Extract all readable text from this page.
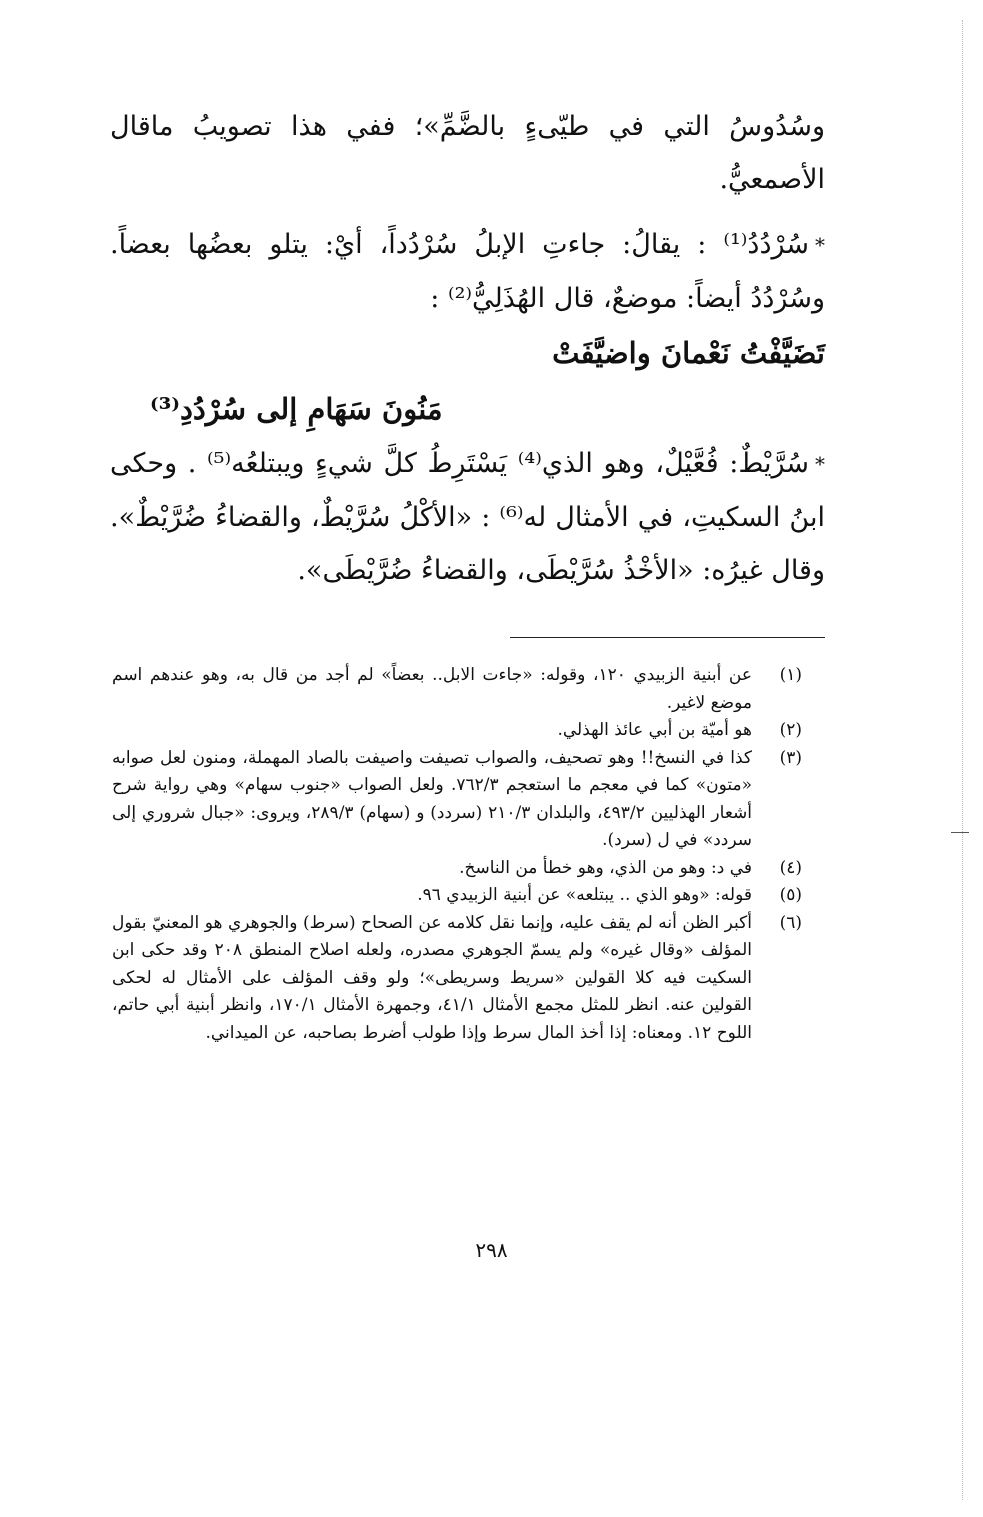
وسُدُوسُ التي في طيّىءٍ بالضَّمِّ»؛ ففي هذا تصويبُ ماقال الأصمعيُّ.

*سُرْدُدُ⁽¹⁾ : يقالُ: جاءتِ الإبلُ سُرْدُداً، أيْ: يتلو بعضُها بعضاً. وسُرْدُدُ أيضاً: موضعٌ، قال الهُذَلِيُّ⁽²⁾ :

تَضَيَّفْتُ نَعْمانَ واضيَّفَتْ

مَنُونَ سَهَامِ إلى سُرْدُدِ⁽³⁾

*سُرَّيْطٌ: فُعَّيْلٌ، وهو الذي⁽⁴⁾ يَسْتَرِطُ كلَّ شيءٍ ويبتلعُه⁽⁵⁾ . وحكى ابنُ السكيتِ، في الأمثال له⁽⁶⁾ : «الأكْلُ سُرَّيْطٌ، والقضاءُ ضُرَّيْطٌ». وقال غيرُه: «الأخْذُ سُرَّيْطَى، والقضاءُ ضُرَّيْطَى».

(١)
عن أبنية الزبيدي ١٢٠، وقوله: «جاءت الابل.. بعضاً» لم أجد من قال به، وهو عندهم اسم موضع لاغير.
(٢)
هو أميّة بن أبي عائذ الهذلي.
(٣)
كذا في النسخ!! وهو تصحيف، والصواب تصيفت واصيفت بالصاد المهملة، ومنون لعل صوابه «متون» كما في معجم ما استعجم ٧٦٢/٣. ولعل الصواب «جنوب سهام» وهي رواية شرح أشعار الهذليين ٤٩٣/٢، والبلدان ٢١٠/٣ (سردد) و (سهام) ٢٨٩/٣، ويروى: «جبال شروري إلى سردد» في ل (سرد).
(٤)
في د: وهو من الذي، وهو خطأ من الناسخ.
(٥)
قوله: «وهو الذي .. يبتلعه» عن أبنية الزبيدي ٩٦.
(٦)
أكبر الظن أنه لم يقف عليه، وإنما نقل كلامه عن الصحاح (سرط) والجوهري هو المعنيّ بقول المؤلف «وقال غيره» ولم يسمّ الجوهري مصدره، ولعله اصلاح المنطق ٢٠٨ وقد حكى ابن السكيت فيه كلا القولين «سريط وسريطى»؛ ولو وقف المؤلف على الأمثال له لحكى القولين عنه. انظر للمثل مجمع الأمثال ٤١/١، وجمهرة الأمثال ١٧٠/١، وانظر أبنية أبي حاتم، اللوح ١٢. ومعناه: إذا أخذ المال سرط وإذا طولب أضرط بصاحبه، عن الميداني.
٢٩٨
